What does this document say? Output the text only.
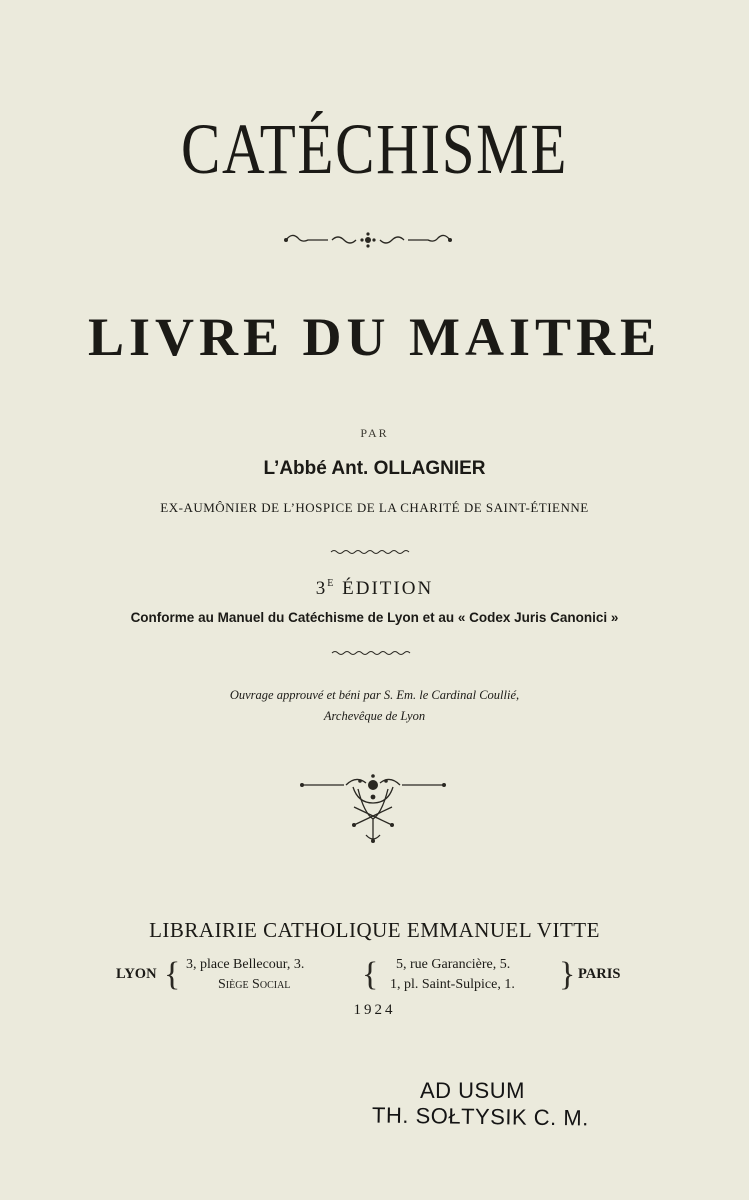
CATÉCHISME
LIVRE DU MAITRE
PAR
L’Abbé Ant. OLLAGNIER
EX-AUMÔNIER DE L’HOSPICE DE LA CHARITÉ DE SAINT-ÉTIENNE
$3^E$ ÉDITION
Conforme au Manuel du Catéchisme de Lyon et au « Codex Juris Canonici »
Ouvrage approuvé et béni par S. Em. le Cardinal Coullié,
Archevêque de Lyon
LIBRAIRIE CATHOLIQUE EMMANUEL VITTE
LYON { 3, place Bellecour, 3.
Siège Social { 5, rue Garancière, 5.
1, pl. Saint-Sulpice, 1. } PARIS
1924
AD USUM
TH. SOŁTYSIK C. M.
